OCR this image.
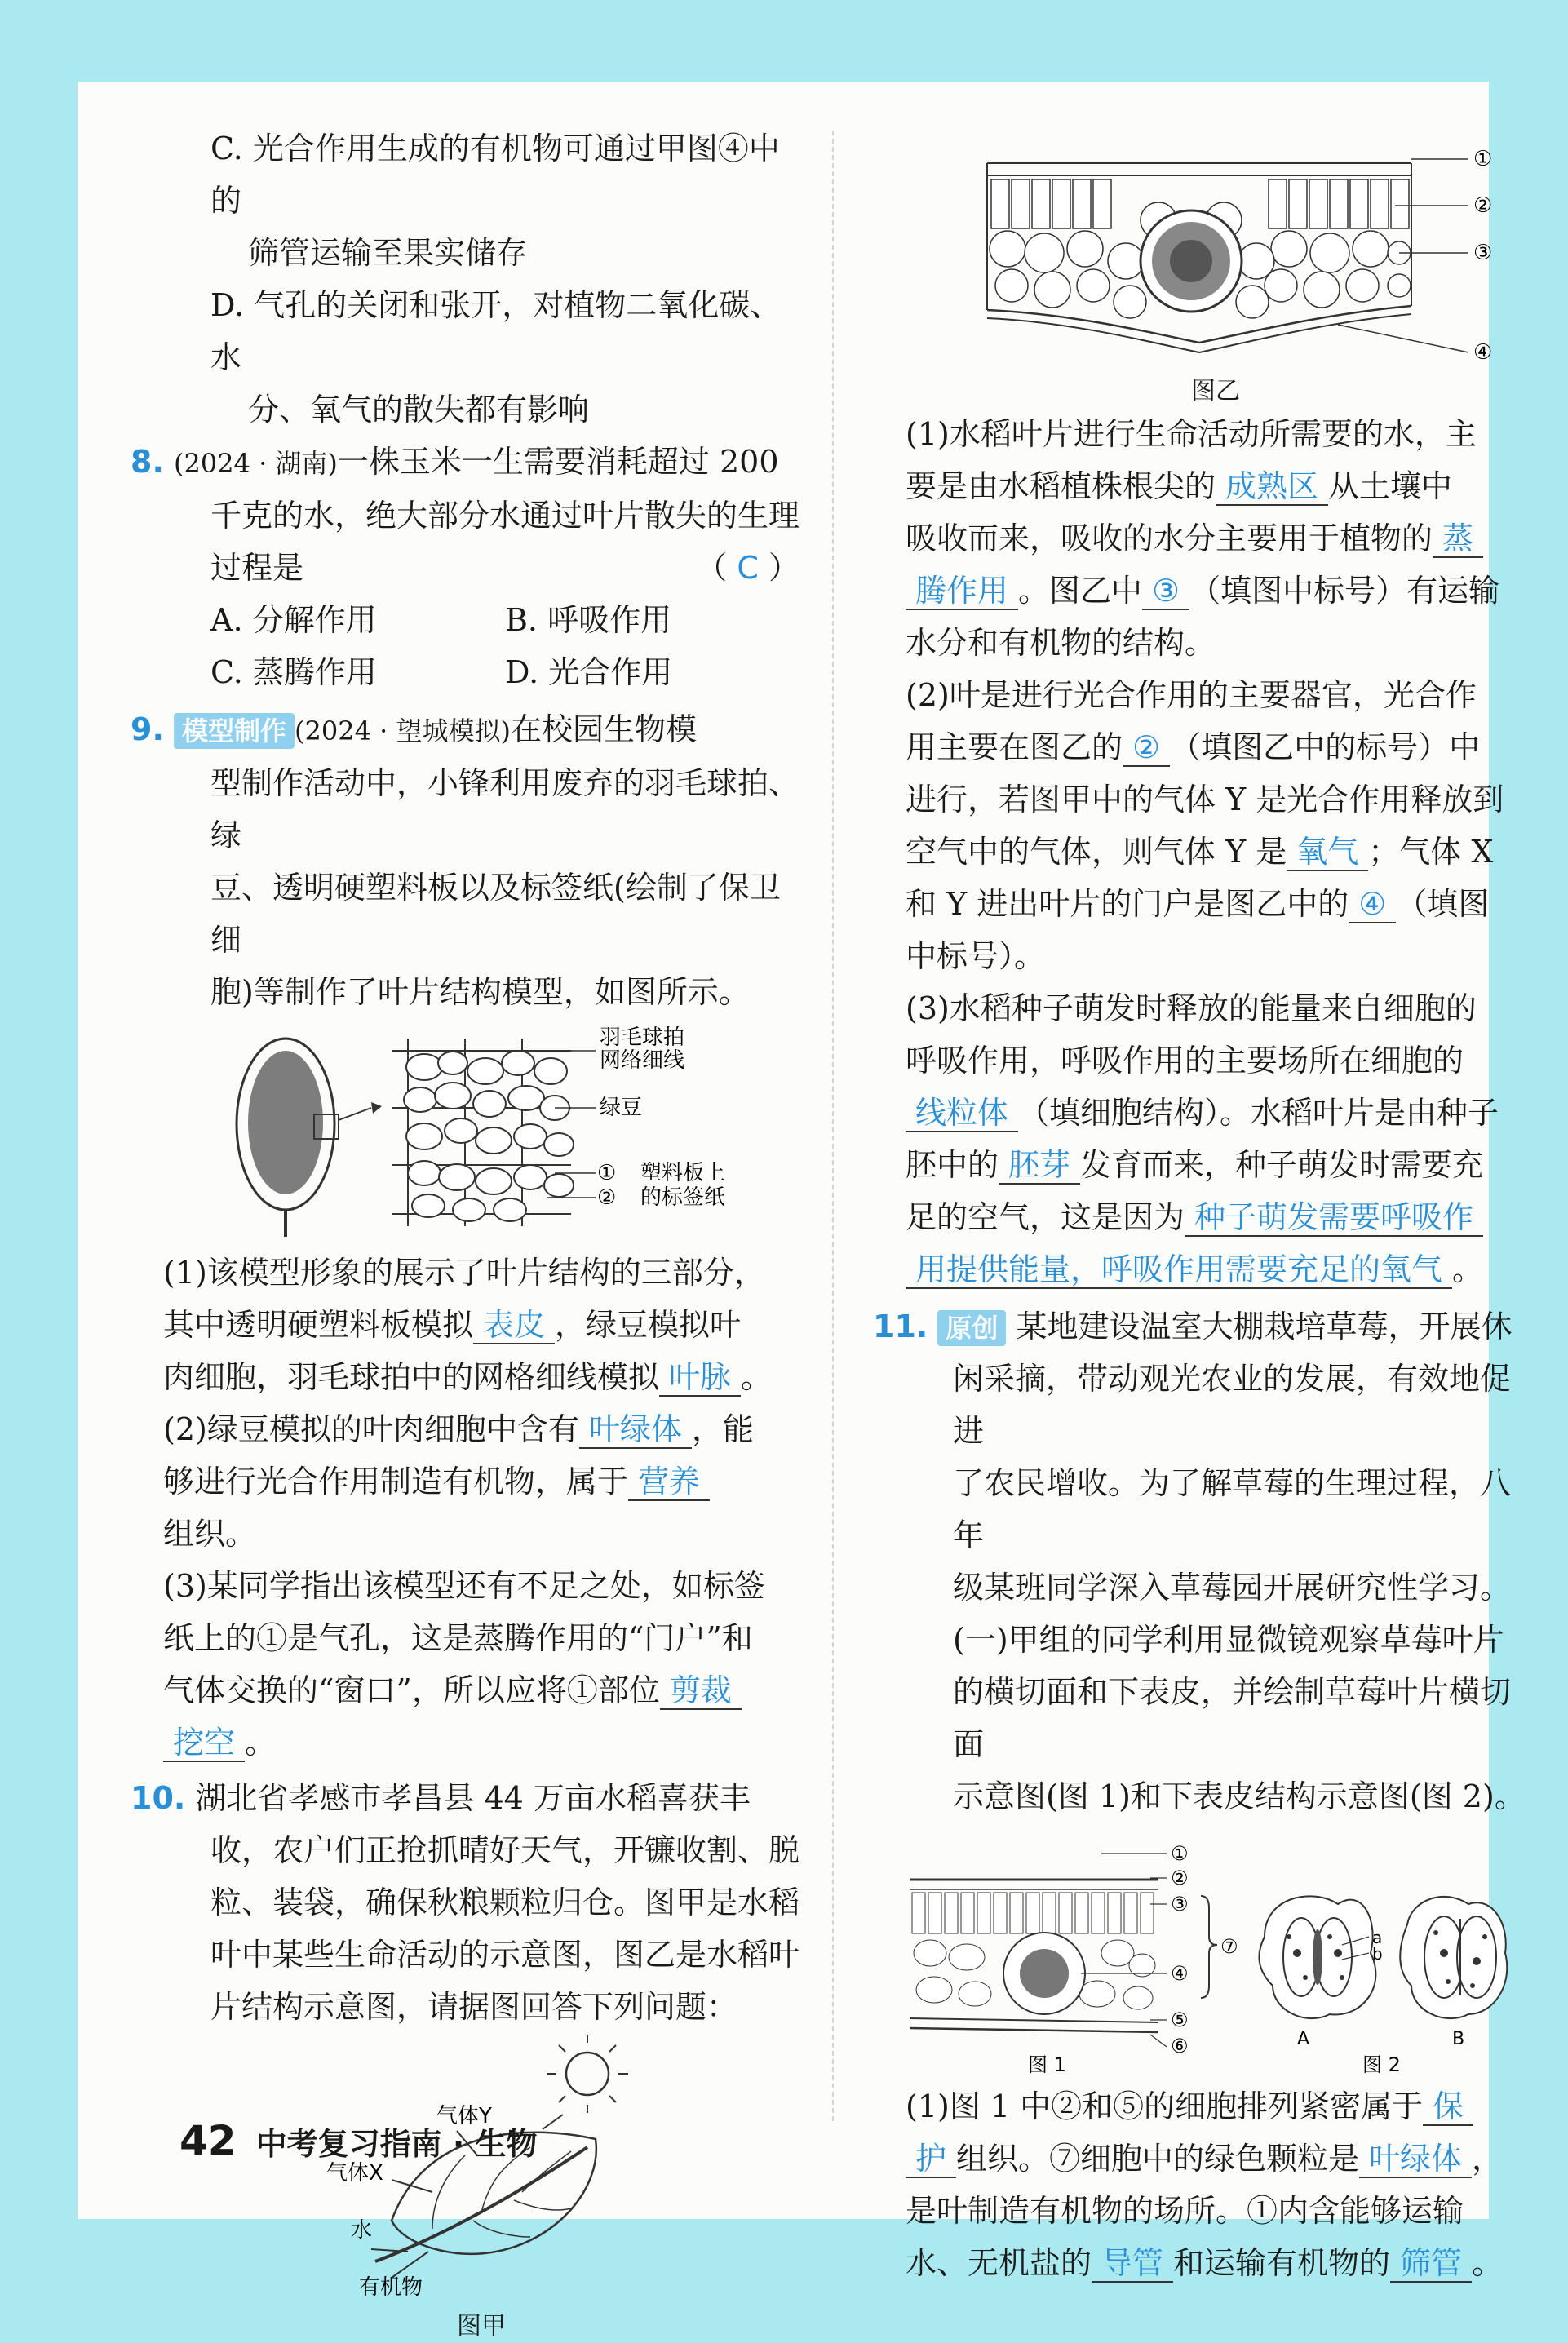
C. 光合作用生成的有机物可通过甲图④中的

筛管运输至果实储存

D. 气孔的关闭和张开，对植物二氧化碳、水

分、氧气的散失都有影响

8. (2024 · 湖南)一株玉米一生需要消耗超过 200

千克的水，绝大部分水通过叶片散失的生理

过程是	（ C ）

A. 分解作用	B. 呼吸作用

C. 蒸腾作用	D. 光合作用

9. 模型制作 (2024 · 望城模拟)在校园生物模

型制作活动中，小锋利用废弃的羽毛球拍、绿

豆、透明硬塑料板以及标签纸(绘制了保卫细

胞)等制作了叶片结构模型，如图所示。

羽毛球拍
网络细线
绿豆
①
②
塑料板上
的标签纸

(1)该模型形象的展示了叶片结构的三部分，

其中透明硬塑料板模拟 表皮 ，绿豆模拟叶

肉细胞，羽毛球拍中的网格细线模拟 叶脉 。

(2)绿豆模拟的叶肉细胞中含有 叶绿体 ，能

够进行光合作用制造有机物，属于 营养

组织。

(3)某同学指出该模型还有不足之处，如标签

纸上的①是气孔，这是蒸腾作用的“门户”和

气体交换的“窗口”，所以应将①部位 剪裁

挖空 。

10. 湖北省孝感市孝昌县 44 万亩水稻喜获丰

收，农户们正抢抓晴好天气，开镰收割、脱

粒、装袋，确保秋粮颗粒归仓。图甲是水稻

叶中某些生命活动的示意图，图乙是水稻叶

片结构示意图，请据图回答下列问题：

气体Y
气体X
水
有机物

图甲

①
②
③
④

图乙

(1)水稻叶片进行生命活动所需要的水，主

要是由水稻植株根尖的 成熟区 从土壤中

吸收而来，吸收的水分主要用于植物的 蒸

腾作用 。图乙中 ③ （填图中标号）有运输

水分和有机物的结构。

(2)叶是进行光合作用的主要器官，光合作

用主要在图乙的 ② （填图乙中的标号）中

进行，若图甲中的气体 Y 是光合作用释放到

空气中的气体，则气体 Y 是 氧气 ；气体 X

和 Y 进出叶片的门户是图乙中的 ④ （填图

中标号）。

(3)水稻种子萌发时释放的能量来自细胞的

呼吸作用，呼吸作用的主要场所在细胞的

线粒体 （填细胞结构）。水稻叶片是由种子

胚中的 胚芽 发育而来，种子萌发时需要充

足的空气，这是因为 种子萌发需要呼吸作

用提供能量，呼吸作用需要充足的氧气 。

11. 原创 某地建设温室大棚栽培草莓，开展休

闲采摘，带动观光农业的发展，有效地促进

了农民增收。为了解草莓的生理过程，八年

级某班同学深入草莓园开展研究性学习。

(一)甲组的同学利用显微镜观察草莓叶片

的横切面和下表皮，并绘制草莓叶片横切面

示意图(图 1)和下表皮结构示意图(图 2)。

①
②
③
④
⑤
⑥
⑦
图 1
a
b
A	B
图 2

(1)图 1 中②和⑤的细胞排列紧密属于 保

护 组织。⑦细胞中的绿色颗粒是 叶绿体 ，

是叶制造有机物的场所。①内含能够运输

水、无机盐的 导管 和运输有机物的 筛管 。

42 中考复习指南 · 生物
